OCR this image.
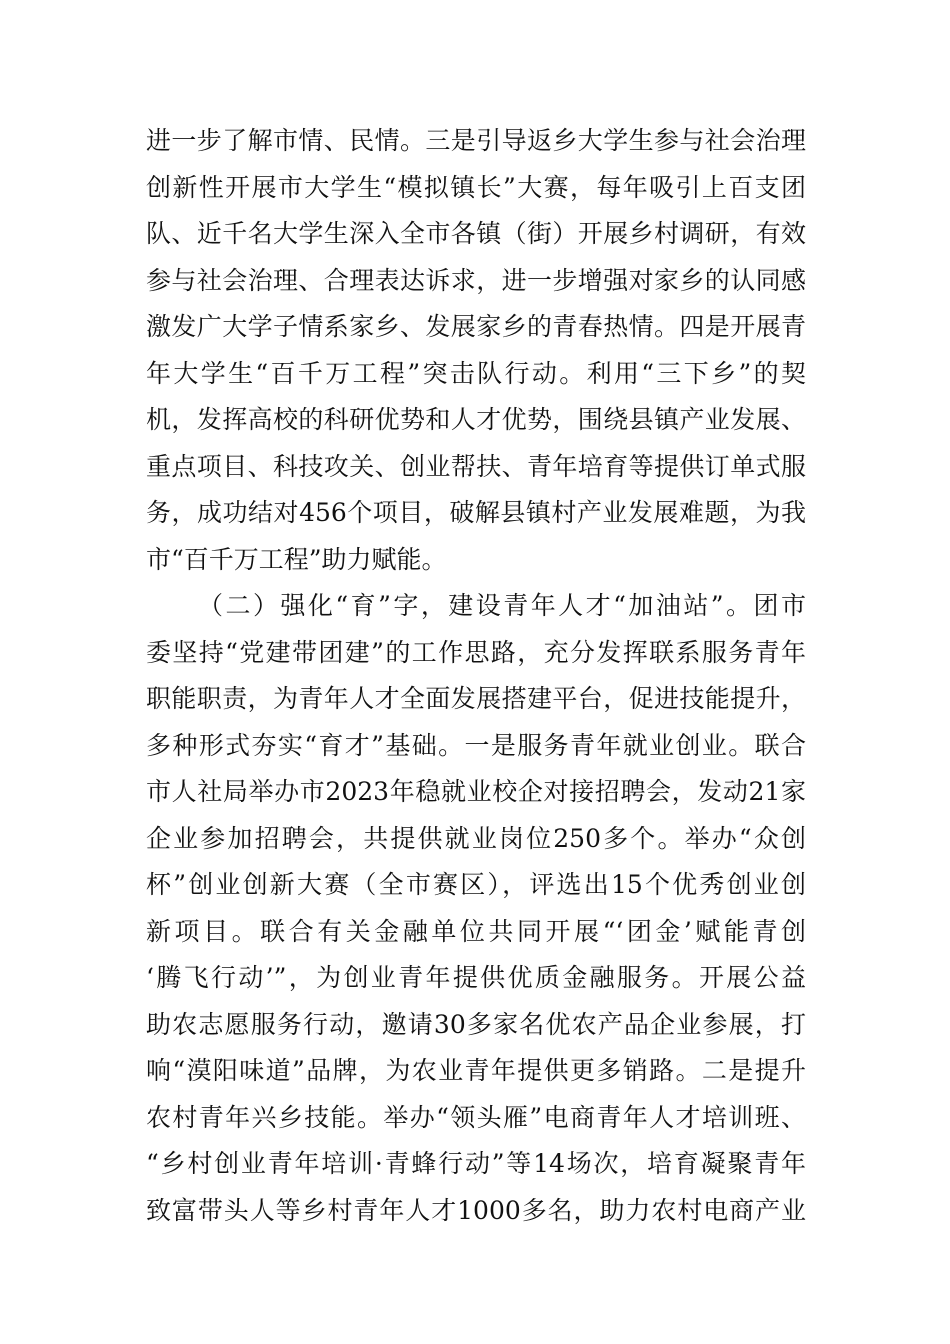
进一步了解市情、民情。三是引导返乡大学生参与社会治理
创新性开展市大学生“模拟镇长”大赛，每年吸引上百支团
队、近千名大学生深入全市各镇（街）开展乡村调研，有效
参与社会治理、合理表达诉求，进一步增强对家乡的认同感
激发广大学子情系家乡、发展家乡的青春热情。四是开展青
年大学生“百千万工程”突击队行动。利用“三下乡”的契
机，发挥高校的科研优势和人才优势，围绕县镇产业发展、
重点项目、科技攻关、创业帮扶、青年培育等提供订单式服
务，成功结对456个项目，破解县镇村产业发展难题，为我
市“百千万工程”助力赋能。
（二）强化“育”字，建设青年人才“加油站”。团市
委坚持“党建带团建”的工作思路，充分发挥联系服务青年
职能职责，为青年人才全面发展搭建平台，促进技能提升，
多种形式夯实“育才”基础。一是服务青年就业创业。联合
市人社局举办市2023年稳就业校企对接招聘会，发动21家
企业参加招聘会，共提供就业岗位250多个。举办“众创
杯”创业创新大赛（全市赛区），评选出15个优秀创业创
新项目。联合有关金融单位共同开展“‘团金’赋能青创
‘腾飞行动’”，为创业青年提供优质金融服务。开展公益
助农志愿服务行动，邀请30多家名优农产品企业参展，打
响“漠阳味道”品牌，为农业青年提供更多销路。二是提升
农村青年兴乡技能。举办“领头雁”电商青年人才培训班、
“乡村创业青年培训·青蜂行动”等14场次，培育凝聚青年
致富带头人等乡村青年人才1000多名，助力农村电商产业
